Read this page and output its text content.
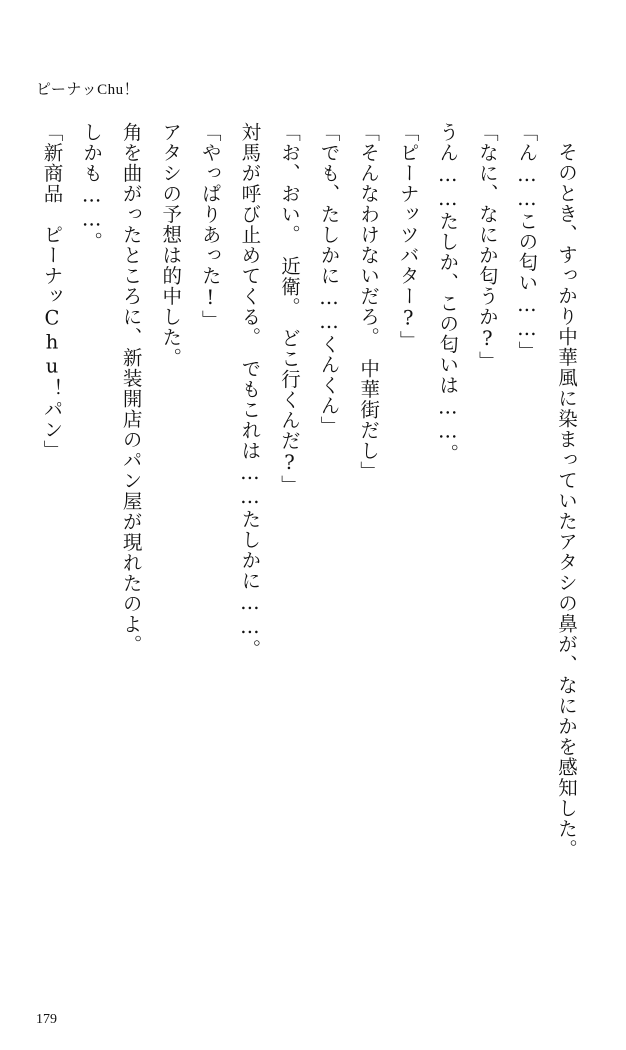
ピーナッChu！

そのとき、すっかり中華風に染まっていたアタシの鼻が、なにかを感知した。

「ん……この匂い……」

「なに、なにか匂うか?」

うん……たしか、この匂いは……。

「ピーナッツバター?」

「そんなわけないだろ。　中華街だし」

「でも、たしかに……くんくん」

「お、おい。　近衛。　どこ行くんだ?」

対馬が呼び止めてくる。　でもこれは……たしかに……。

「やっぱりあった!」

アタシの予想は的中した。

角を曲がったところに、新装開店のパン屋が現れたのよ。

しかも……。

「新商品　ピーナッChu！パン」

179
